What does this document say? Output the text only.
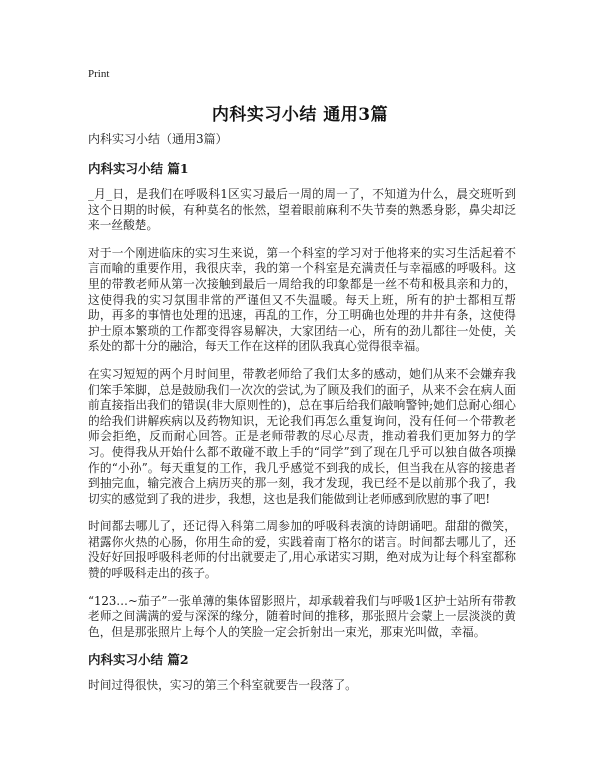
Print
内科实习小结 通用3篇

内科实习小结（通用3篇）

内科实习小结 篇1

_月_日，是我们在呼吸科1区实习最后一周的周一了，不知道为什么，晨交班听到这个日期的时候，有种莫名的怅然，望着眼前麻利不失节奏的熟悉身影，鼻尖却泛来一丝酸楚。

对于一个刚进临床的实习生来说，第一个科室的学习对于他将来的实习生活起着不言而喻的重要作用，我很庆幸，我的第一个科室是充满责任与幸福感的呼吸科。这里的带教老师从第一次接触到最后一周给我的印象都是一丝不苟和极具亲和力的，这使得我的实习氛围非常的严谨但又不失温暖。每天上班，所有的护士都相互帮助，再多的事情也处理的迅速，再乱的工作，分工明确也处理的井井有条，这使得护士原本繁琐的工作都变得容易解决，大家团结一心，所有的劲儿都往一处使，关系处的都十分的融洽，每天工作在这样的团队我真心觉得很幸福。

在实习短短的两个月时间里，带教老师给了我们太多的感动，她们从来不会嫌弃我们笨手笨脚，总是鼓励我们一次次的尝试,为了顾及我们的面子，从来不会在病人面前直接指出我们的错误(非大原则性的)，总在事后给我们敲响警钟;她们总耐心细心的给我们讲解疾病以及药物知识，无论我们再怎么重复询问，没有任何一个带教老师会拒绝，反而耐心回答。正是老师带教的尽心尽责，推动着我们更加努力的学习。使得我从开始什么都不敢碰不敢上手的“同学”到了现在几乎可以独自做各项操作的“小孙”。每天重复的工作，我几乎感觉不到我的成长，但当我在从容的接患者到抽完血，输完液合上病历夹的那一刻，我才发现，我已经不是以前那个我了，我切实的感觉到了我的进步，我想，这也是我们能做到让老师感到欣慰的事了吧!

时间都去哪儿了，还记得入科第二周参加的呼吸科表演的诗朗诵吧。甜甜的微笑，裙露你火热的心肠，你用生命的爱，实践着南丁格尔的诺言。时间都去哪儿了，还没好好回报呼吸科老师的付出就要走了,用心承诺实习期，绝对成为让每个科室都称赞的呼吸科走出的孩子。

“123…~茄子”一张单薄的集体留影照片，却承载着我们与呼吸1区护士站所有带教老师之间满满的爱与深深的缘分，随着时间的推移，那张照片会蒙上一层淡淡的黄色，但是那张照片上每个人的笑脸一定会折射出一束光，那束光叫做，幸福。

内科实习小结 篇2

时间过得很快，实习的第三个科室就要告一段落了。
